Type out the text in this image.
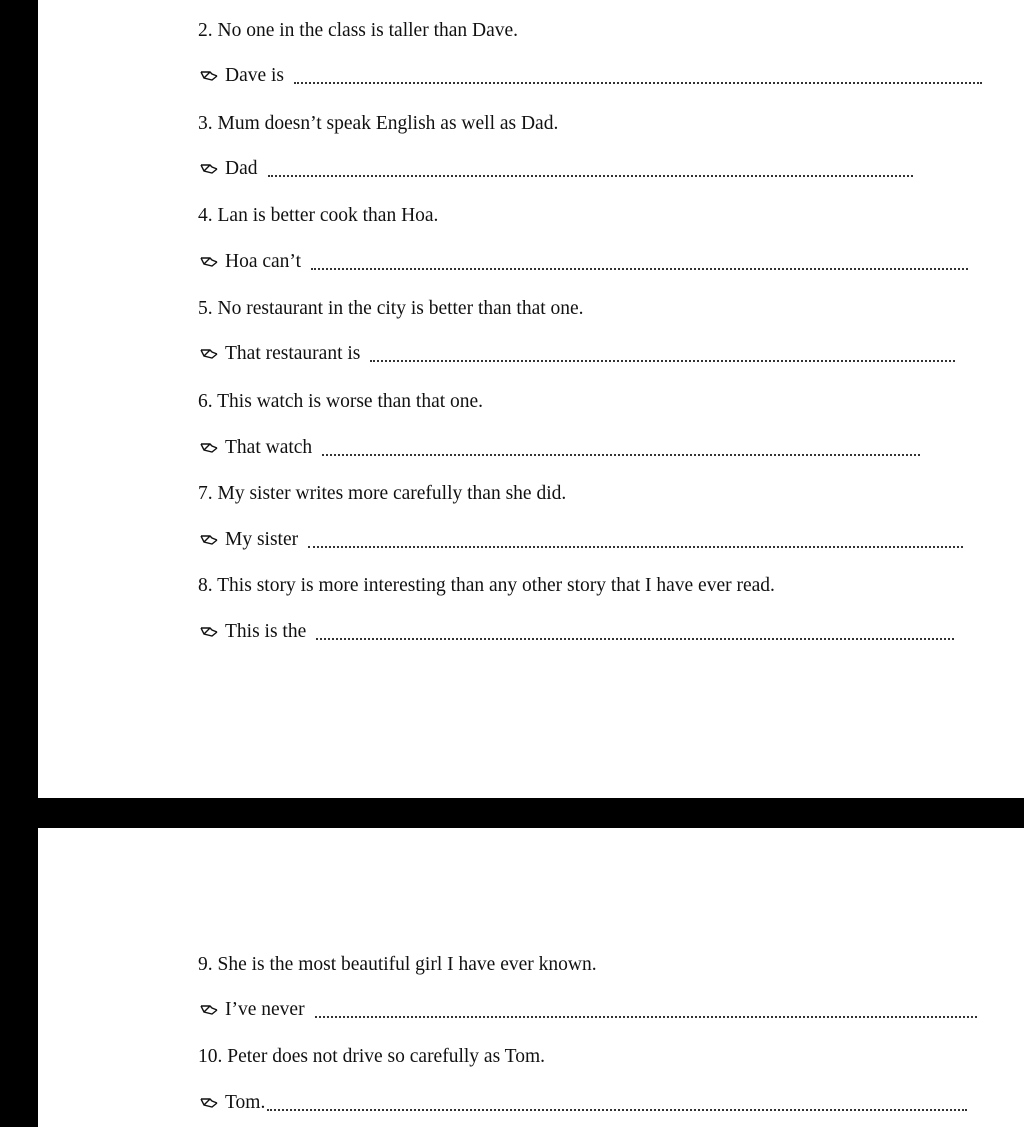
2. No one in the class is taller than Dave.

Dave is

3. Mum doesn’t speak English as well as Dad.

Dad

4. Lan is better cook than Hoa.

Hoa can’t

5. No restaurant in the city is better than that one.

That restaurant is

6. This watch is worse than that one.

That watch

7. My sister writes more carefully than she did.

My sister

8. This story is more interesting than any other story that I have ever read.

This is the

9. She is the most beautiful girl I have ever known.

I’ve never

10. Peter does not drive so carefully as Tom.

Tom.
